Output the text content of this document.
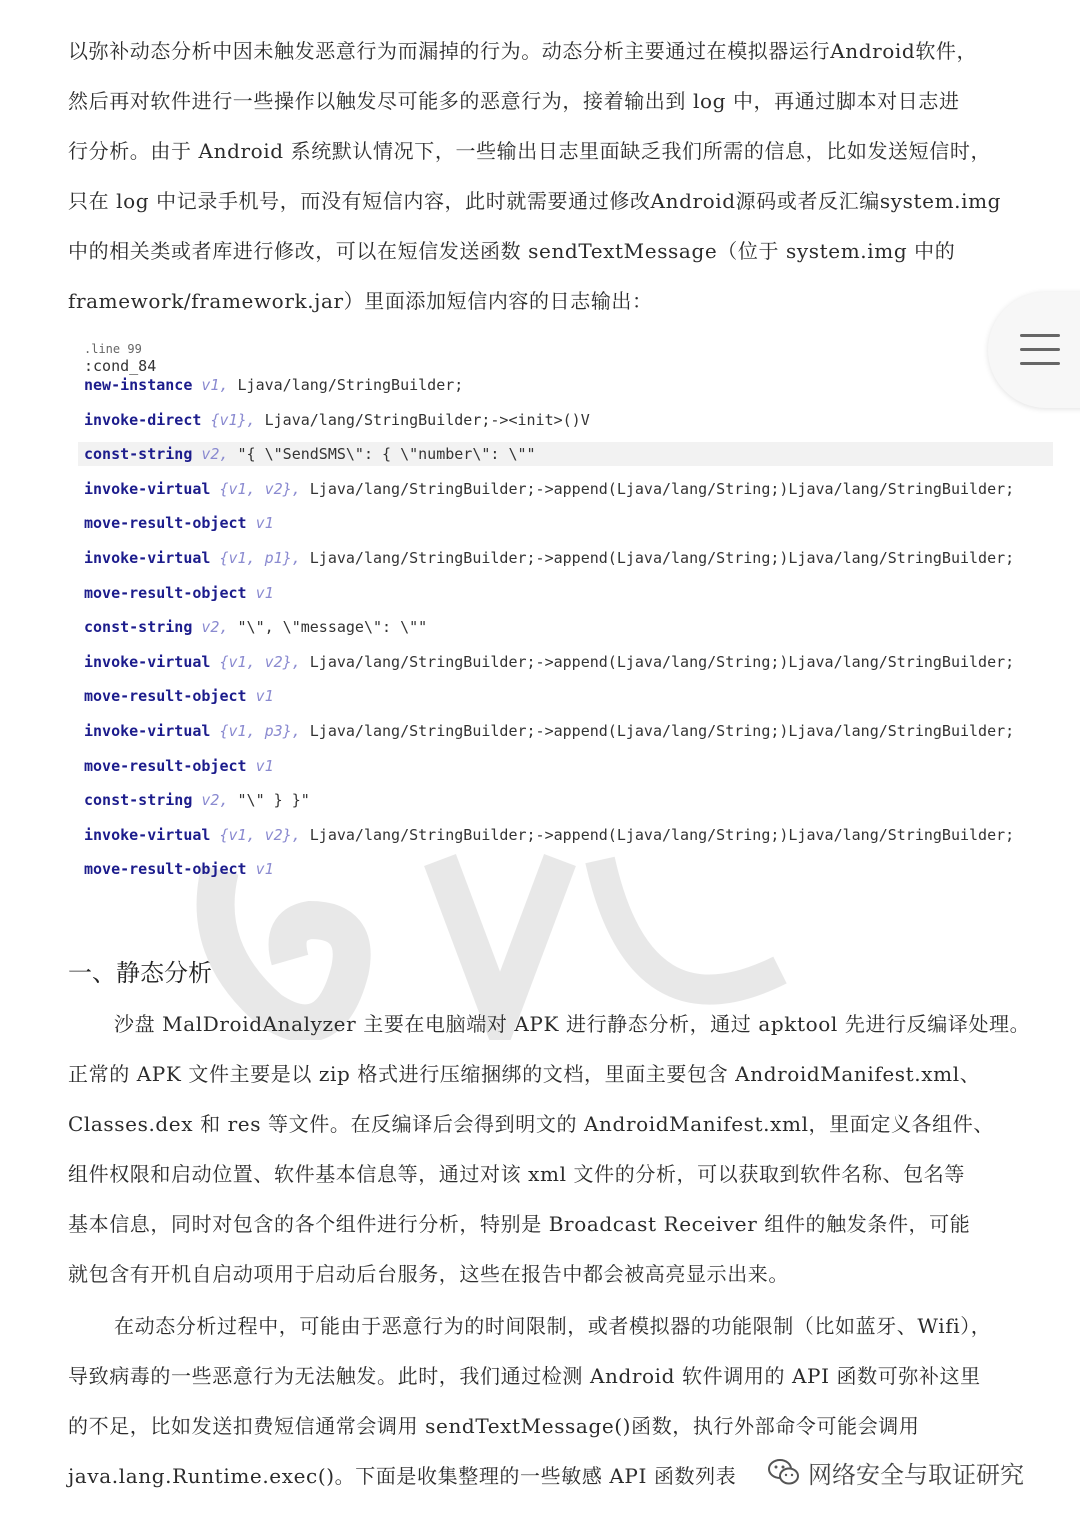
以弥补动态分析中因未触发恶意行为而漏掉的行为。动态分析主要通过在模拟器运行Android软件，

然后再对软件进行一些操作以触发尽可能多的恶意行为，接着输出到 log 中，再通过脚本对日志进

行分析。由于 Android 系统默认情况下，一些输出日志里面缺乏我们所需的信息，比如发送短信时，

只在 log 中记录手机号，而没有短信内容，此时就需要通过修改Android源码或者反汇编system.img

中的相关类或者库进行修改，可以在短信发送函数 sendTextMessage（位于 system.img 中的

framework/framework.jar）里面添加短信内容的日志输出：

.line 99
:cond_84
new-instance v1, Ljava/lang/StringBuilder;
invoke-direct {v1}, Ljava/lang/StringBuilder;-><init>()V
const-string v2, "{ \"SendSMS\": { \"number\": \""
invoke-virtual {v1, v2}, Ljava/lang/StringBuilder;->append(Ljava/lang/String;)Ljava/lang/StringBuilder;
move-result-object v1
invoke-virtual {v1, p1}, Ljava/lang/StringBuilder;->append(Ljava/lang/String;)Ljava/lang/StringBuilder;
move-result-object v1
const-string v2, "\", \"message\": \""
invoke-virtual {v1, v2}, Ljava/lang/StringBuilder;->append(Ljava/lang/String;)Ljava/lang/StringBuilder;
move-result-object v1
invoke-virtual {v1, p3}, Ljava/lang/StringBuilder;->append(Ljava/lang/String;)Ljava/lang/StringBuilder;
move-result-object v1
const-string v2, "\" } }"
invoke-virtual {v1, v2}, Ljava/lang/StringBuilder;->append(Ljava/lang/String;)Ljava/lang/StringBuilder;
move-result-object v1
一、静态分析

沙盘 MalDroidAnalyzer 主要在电脑端对 APK 进行静态分析，通过 apktool 先进行反编译处理。

正常的 APK 文件主要是以 zip 格式进行压缩捆绑的文档，里面主要包含 AndroidManifest.xml、

Classes.dex 和 res 等文件。在反编译后会得到明文的 AndroidManifest.xml，里面定义各组件、

组件权限和启动位置、软件基本信息等，通过对该 xml 文件的分析，可以获取到软件名称、包名等

基本信息，同时对包含的各个组件进行分析，特别是 Broadcast Receiver 组件的触发条件，可能

就包含有开机自启动项用于启动后台服务，这些在报告中都会被高亮显示出来。

在动态分析过程中，可能由于恶意行为的时间限制，或者模拟器的功能限制（比如蓝牙、Wifi），

导致病毒的一些恶意行为无法触发。此时，我们通过检测 Android 软件调用的 API 函数可弥补这里

的不足，比如发送扣费短信通常会调用 sendTextMessage()函数，执行外部命令可能会调用

java.lang.Runtime.exec()。下面是收集整理的一些敏感 API 函数列表	网络安全与取证研究
